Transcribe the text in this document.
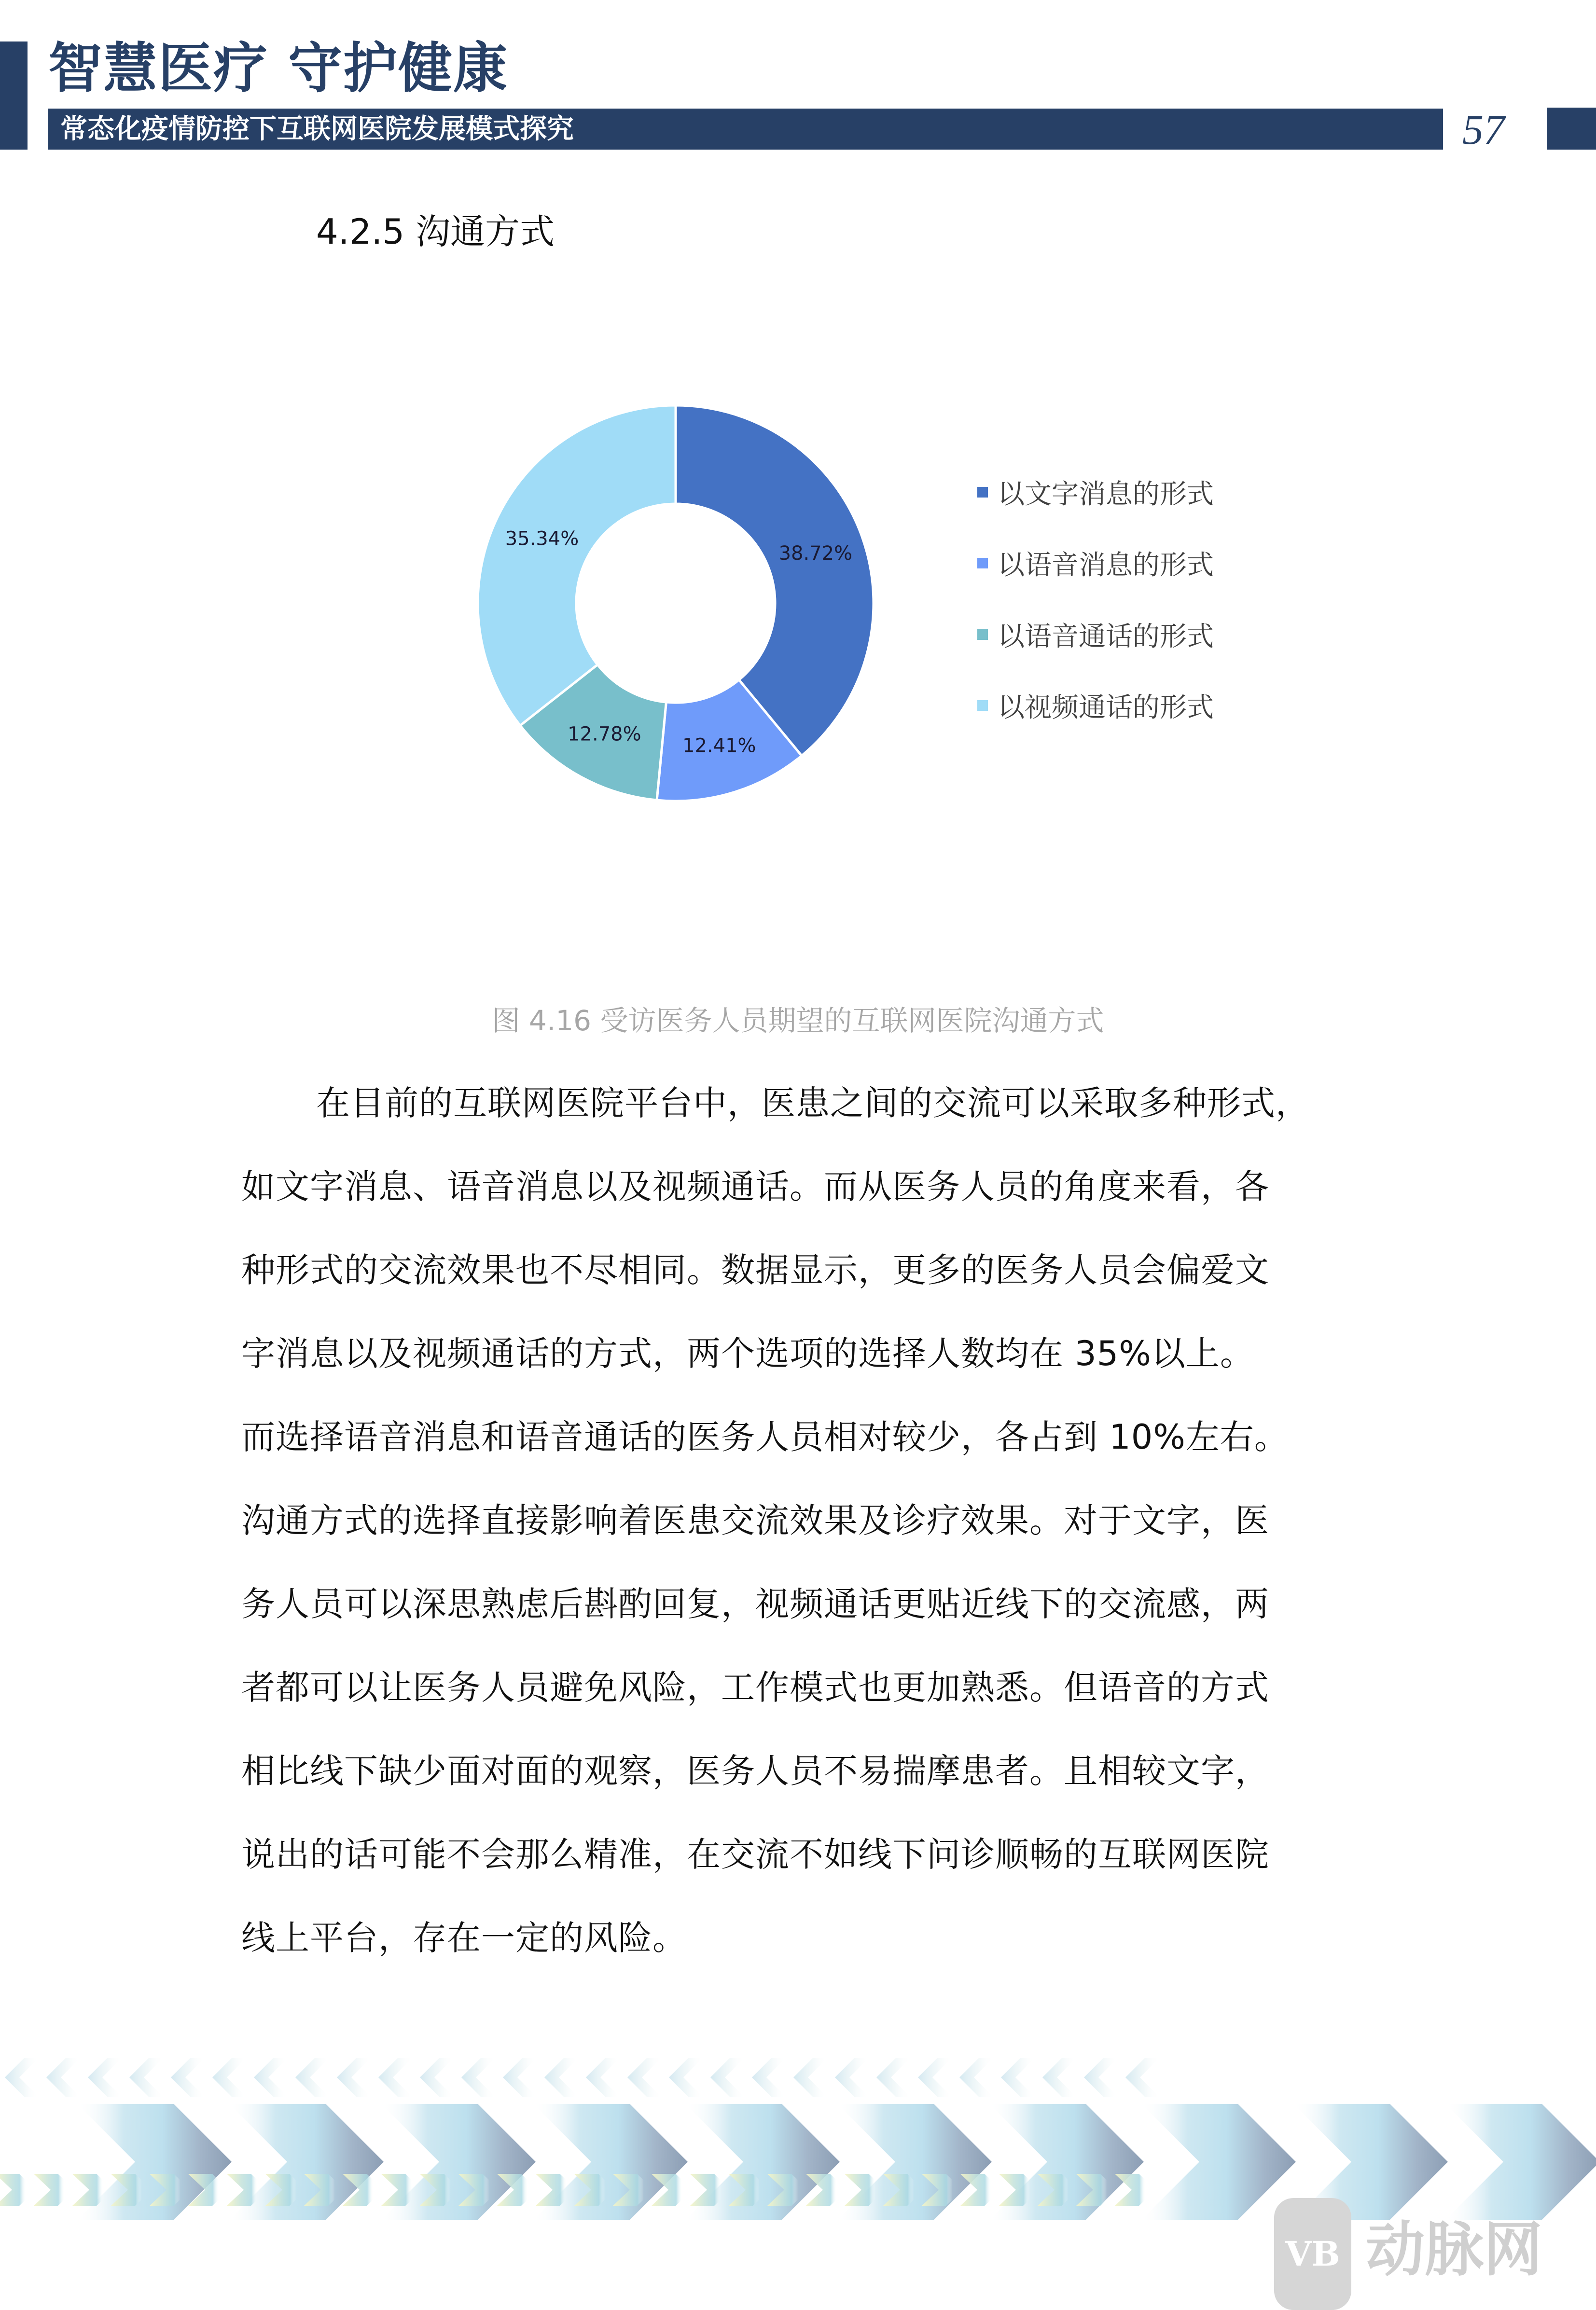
智慧医疗 守护健康
常态化疫情防控下互联网医院发展模式探究	57
4.2.5 沟通方式
38.72%
12.41%
12.78%
35.34%
以文字消息的形式
以语音消息的形式
以语音通话的形式
以视频通话的形式
图 4.16 受访医务人员期望的互联网医院沟通方式
在目前的互联网医院平台中，医患之间的交流可以采取多种形式，
如文字消息、语音消息以及视频通话。而从医务人员的角度来看，各
种形式的交流效果也不尽相同。数据显示，更多的医务人员会偏爱文
字消息以及视频通话的方式，两个选项的选择人数均在 35%以上。
而选择语音消息和语音通话的医务人员相对较少，各占到 10%左右。
沟通方式的选择直接影响着医患交流效果及诊疗效果。对于文字，医
务人员可以深思熟虑后斟酌回复，视频通话更贴近线下的交流感，两
者都可以让医务人员避免风险，工作模式也更加熟悉。但语音的方式
相比线下缺少面对面的观察，医务人员不易揣摩患者。且相较文字，
说出的话可能不会那么精准，在交流不如线下问诊顺畅的互联网医院
线上平台，存在一定的风险。
VB 动脉网
